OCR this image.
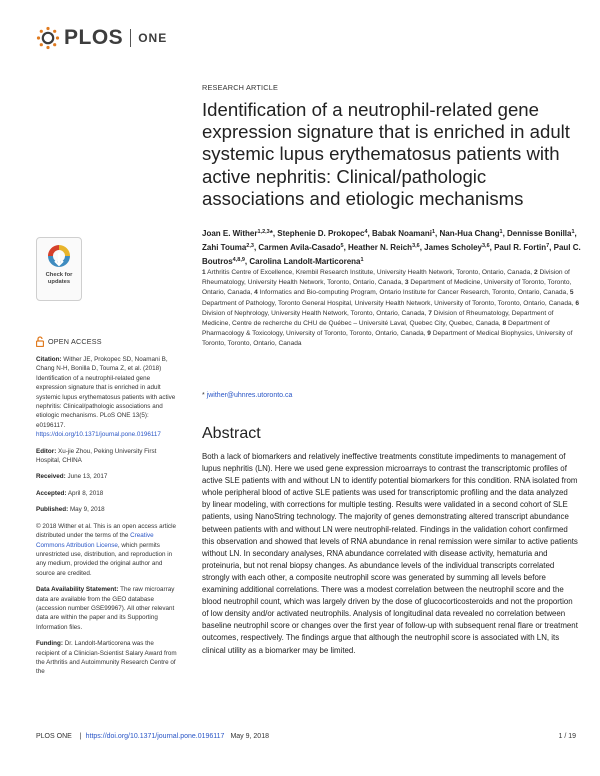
PLOS ONE
RESEARCH ARTICLE
Identification of a neutrophil-related gene expression signature that is enriched in adult systemic lupus erythematosus patients with active nephritis: Clinical/pathologic associations and etiologic mechanisms
Joan E. Wither$^{1,2,3}$*, Stephenie D. Prokopec$^4$, Babak Noamani$^1$, Nan-Hua Chang$^1$, Dennisse Bonilla$^1$, Zahi Touma$^{2,3}$, Carmen Avila-Casado$^5$, Heather N. Reich$^{3,6}$, James Scholey$^{3,6}$, Paul R. Fortin$^7$, Paul C. Boutros$^{4,8,9}$, Carolina Landolt-Marticorena$^1$
1 Arthritis Centre of Excellence, Krembil Research Institute, University Health Network, Toronto, Ontario, Canada, 2 Division of Rheumatology, University Health Network, Toronto, Ontario, Canada, 3 Department of Medicine, University of Toronto, Toronto, Ontario, Canada, 4 Informatics and Bio-computing Program, Ontario Institute for Cancer Research, Toronto, Ontario, Canada, 5 Department of Pathology, Toronto General Hospital, University Health Network, University of Toronto, Toronto, Ontario, Canada, 6 Division of Nephrology, University Health Network, Toronto, Ontario, Canada, 7 Division of Rheumatology, Department of Medicine, Centre de recherche du CHU de Québec – Université Laval, Quebec City, Quebec, Canada, 8 Department of Pharmacology & Toxicology, University of Toronto, Toronto, Ontario, Canada, 9 Department of Medical Biophysics, University of Toronto, Toronto, Ontario, Canada
* jwither@uhnres.utoronto.ca
Abstract

Both a lack of biomarkers and relatively ineffective treatments constitute impediments to management of lupus nephritis (LN). Here we used gene expression microarrays to contrast the transcriptomic profiles of active SLE patients with and without LN to identify potential biomarkers for this condition. RNA isolated from whole peripheral blood of active SLE patients was used for transcriptomic profiling and the data analyzed by linear modeling, with corrections for multiple testing. Results were validated in a second cohort of SLE patients, using NanoString technology. The majority of genes demonstrating altered transcript abundance between patients with and without LN were neutrophil-related. Findings in the validation cohort confirmed this observation and showed that levels of RNA abundance in renal remission were similar to active patients without LN. In secondary analyses, RNA abundance correlated with disease activity, hematuria and proteinuria, but not renal biopsy changes. As abundance levels of the individual transcripts correlated strongly with each other, a composite neutrophil score was generated by summing all levels before examining additional correlations. There was a modest correlation between the neutrophil score and the blood neutrophil count, which was largely driven by the dose of glucocorticosteroids and not the proportion of low density and/or activated neutrophils. Analysis of longitudinal data revealed no correlation between baseline neutrophil score or changes over the first year of follow-up with subsequent renal flare or treatment outcomes, respectively. The findings argue that although the neutrophil score is associated with LN, its clinical utility as a biomarker may be limited.

Check for updates
OPEN ACCESS

Citation: Wither JE, Prokopec SD, Noamani B, Chang N-H, Bonilla D, Touma Z, et al. (2018) Identification of a neutrophil-related gene expression signature that is enriched in adult systemic lupus erythematosus patients with active nephritis: Clinical/pathologic associations and etiologic mechanisms. PLoS ONE 13(5): e0196117. https://doi.org/10.1371/journal.pone.0196117

Editor: Xu-jie Zhou, Peking University First Hospital, CHINA

Received: June 13, 2017

Accepted: April 8, 2018

Published: May 9, 2018

© 2018 Wither et al. This is an open access article distributed under the terms of the Creative Commons Attribution License, which permits unrestricted use, distribution, and reproduction in any medium, provided the original author and source are credited.

Data Availability Statement: The raw microarray data are available from the GEO database (accession number GSE99967). All other relevant data are within the paper and its Supporting Information files.

Funding: Dr. Landolt-Marticorena was the recipient of a Clinician-Scientist Salary Award from the Arthritis and Autoimmunity Research Centre of the

PLOS ONE | https://doi.org/10.1371/journal.pone.0196117 May 9, 2018	1 / 19
